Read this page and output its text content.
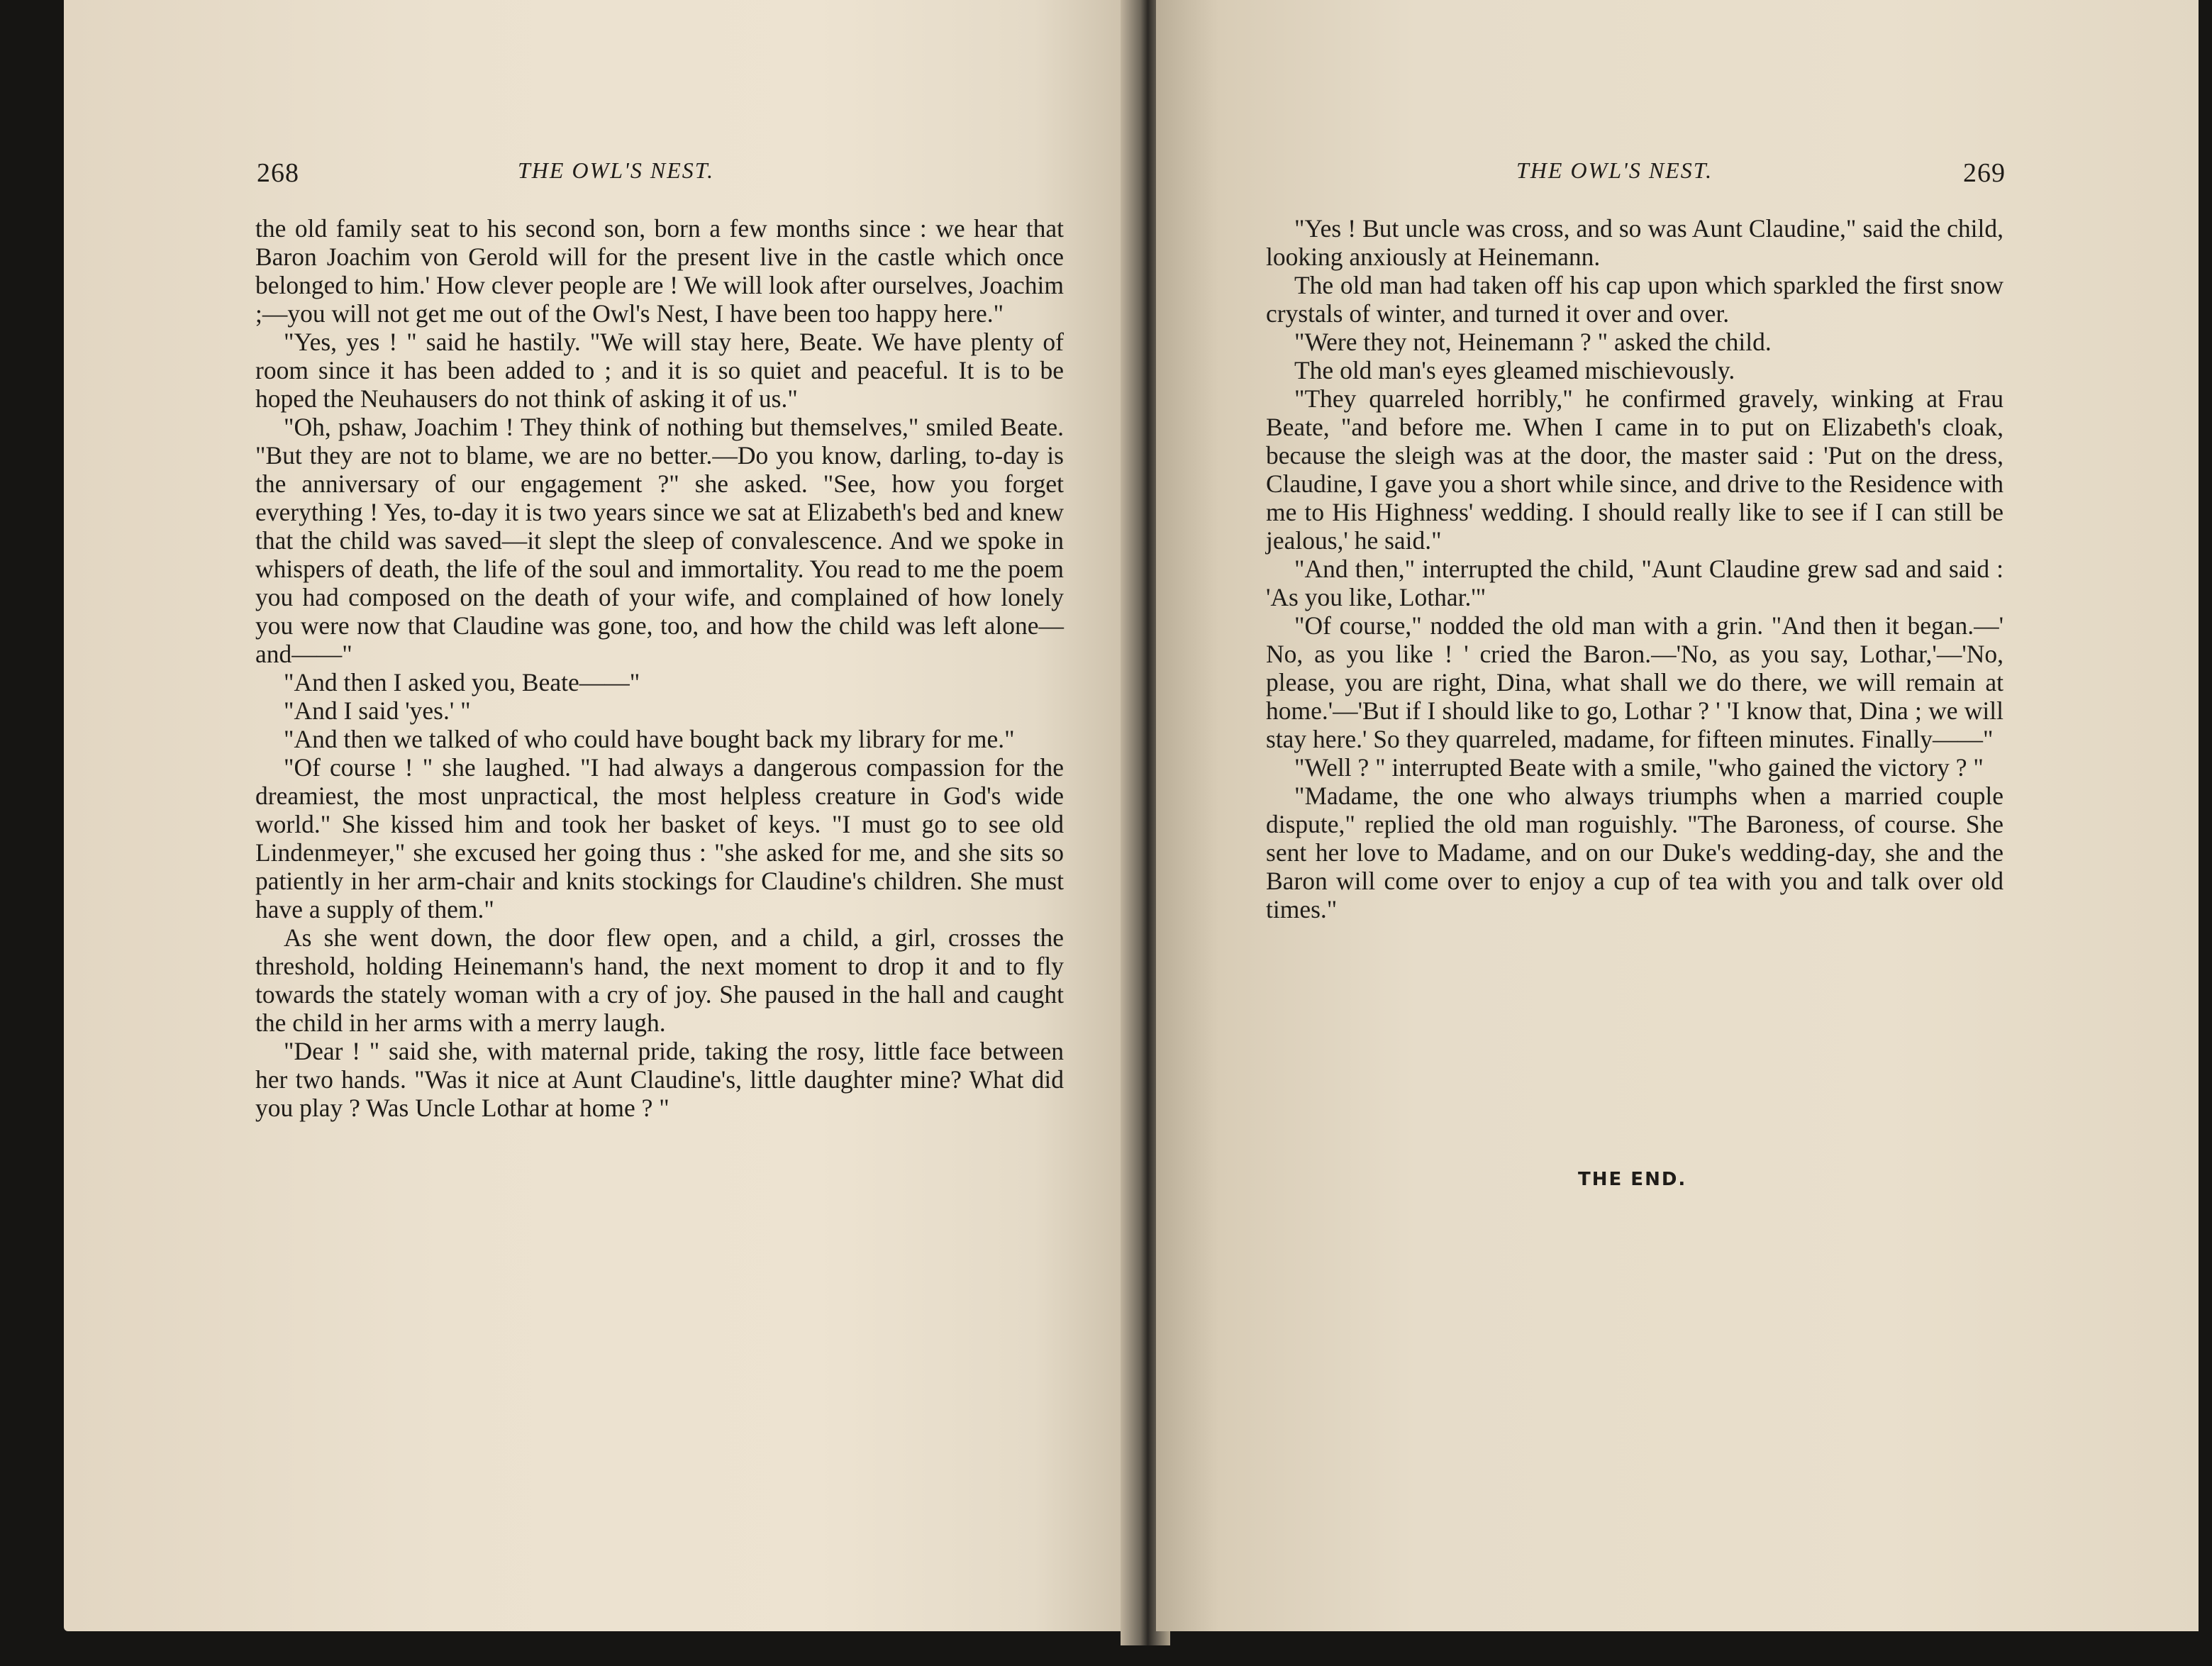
268	THE OWL'S NEST.

the old family seat to his second son, born a few months since : we hear that Baron Joachim von Gerold will for the present live in the castle which once belonged to him.' How clever people are ! We will look after ourselves, Joachim ;—you will not get me out of the Owl's Nest, I have been too happy here."

"Yes, yes ! " said he hastily. "We will stay here, Beate. We have plenty of room since it has been added to ; and it is so quiet and peaceful. It is to be hoped the Neuhausers do not think of asking it of us."

"Oh, pshaw, Joachim ! They think of nothing but themselves," smiled Beate. "But they are not to blame, we are no better.—Do you know, darling, to-day is the anniversary of our engagement ?" she asked. "See, how you forget everything ! Yes, to-day it is two years since we sat at Elizabeth's bed and knew that the child was saved—it slept the sleep of convalescence. And we spoke in whispers of death, the life of the soul and immortality. You read to me the poem you had composed on the death of your wife, and complained of how lonely you were now that Claudine was gone, too, and how the child was left alone—and——"

"And then I asked you, Beate——"

"And I said 'yes.' "

"And then we talked of who could have bought back my library for me."

"Of course ! " she laughed. "I had always a dangerous compassion for the dreamiest, the most unpractical, the most helpless creature in God's wide world." She kissed him and took her basket of keys. "I must go to see old Lindenmeyer," she excused her going thus : "she asked for me, and she sits so patiently in her arm-chair and knits stockings for Claudine's children. She must have a supply of them."

As she went down, the door flew open, and a child, a girl, crosses the threshold, holding Heinemann's hand, the next moment to drop it and to fly towards the stately woman with a cry of joy. She paused in the hall and caught the child in her arms with a merry laugh.

"Dear ! " said she, with maternal pride, taking the rosy, little face between her two hands. "Was it nice at Aunt Claudine's, little daughter mine? What did you play ? Was Uncle Lothar at home ? "

THE OWL'S NEST.	269

"Yes ! But uncle was cross, and so was Aunt Claudine," said the child, looking anxiously at Heinemann.

The old man had taken off his cap upon which sparkled the first snow crystals of winter, and turned it over and over.

"Were they not, Heinemann ? " asked the child.

The old man's eyes gleamed mischievously.

"They quarreled horribly," he confirmed gravely, winking at Frau Beate, "and before me. When I came in to put on Elizabeth's cloak, because the sleigh was at the door, the master said : 'Put on the dress, Claudine, I gave you a short while since, and drive to the Residence with me to His Highness' wedding. I should really like to see if I can still be jealous,' he said."

"And then," interrupted the child, "Aunt Claudine grew sad and said : 'As you like, Lothar.'"

"Of course," nodded the old man with a grin. "And then it began.—' No, as you like ! ' cried the Baron.—'No, as you say, Lothar,'—'No, please, you are right, Dina, what shall we do there, we will remain at home.'—'But if I should like to go, Lothar ? ' 'I know that, Dina ; we will stay here.' So they quarreled, madame, for fifteen minutes. Finally——"

"Well ? " interrupted Beate with a smile, "who gained the victory ? "

"Madame, the one who always triumphs when a married couple dispute," replied the old man roguishly. "The Baroness, of course. She sent her love to Madame, and on our Duke's wedding-day, she and the Baron will come over to enjoy a cup of tea with you and talk over old times."

THE END.
